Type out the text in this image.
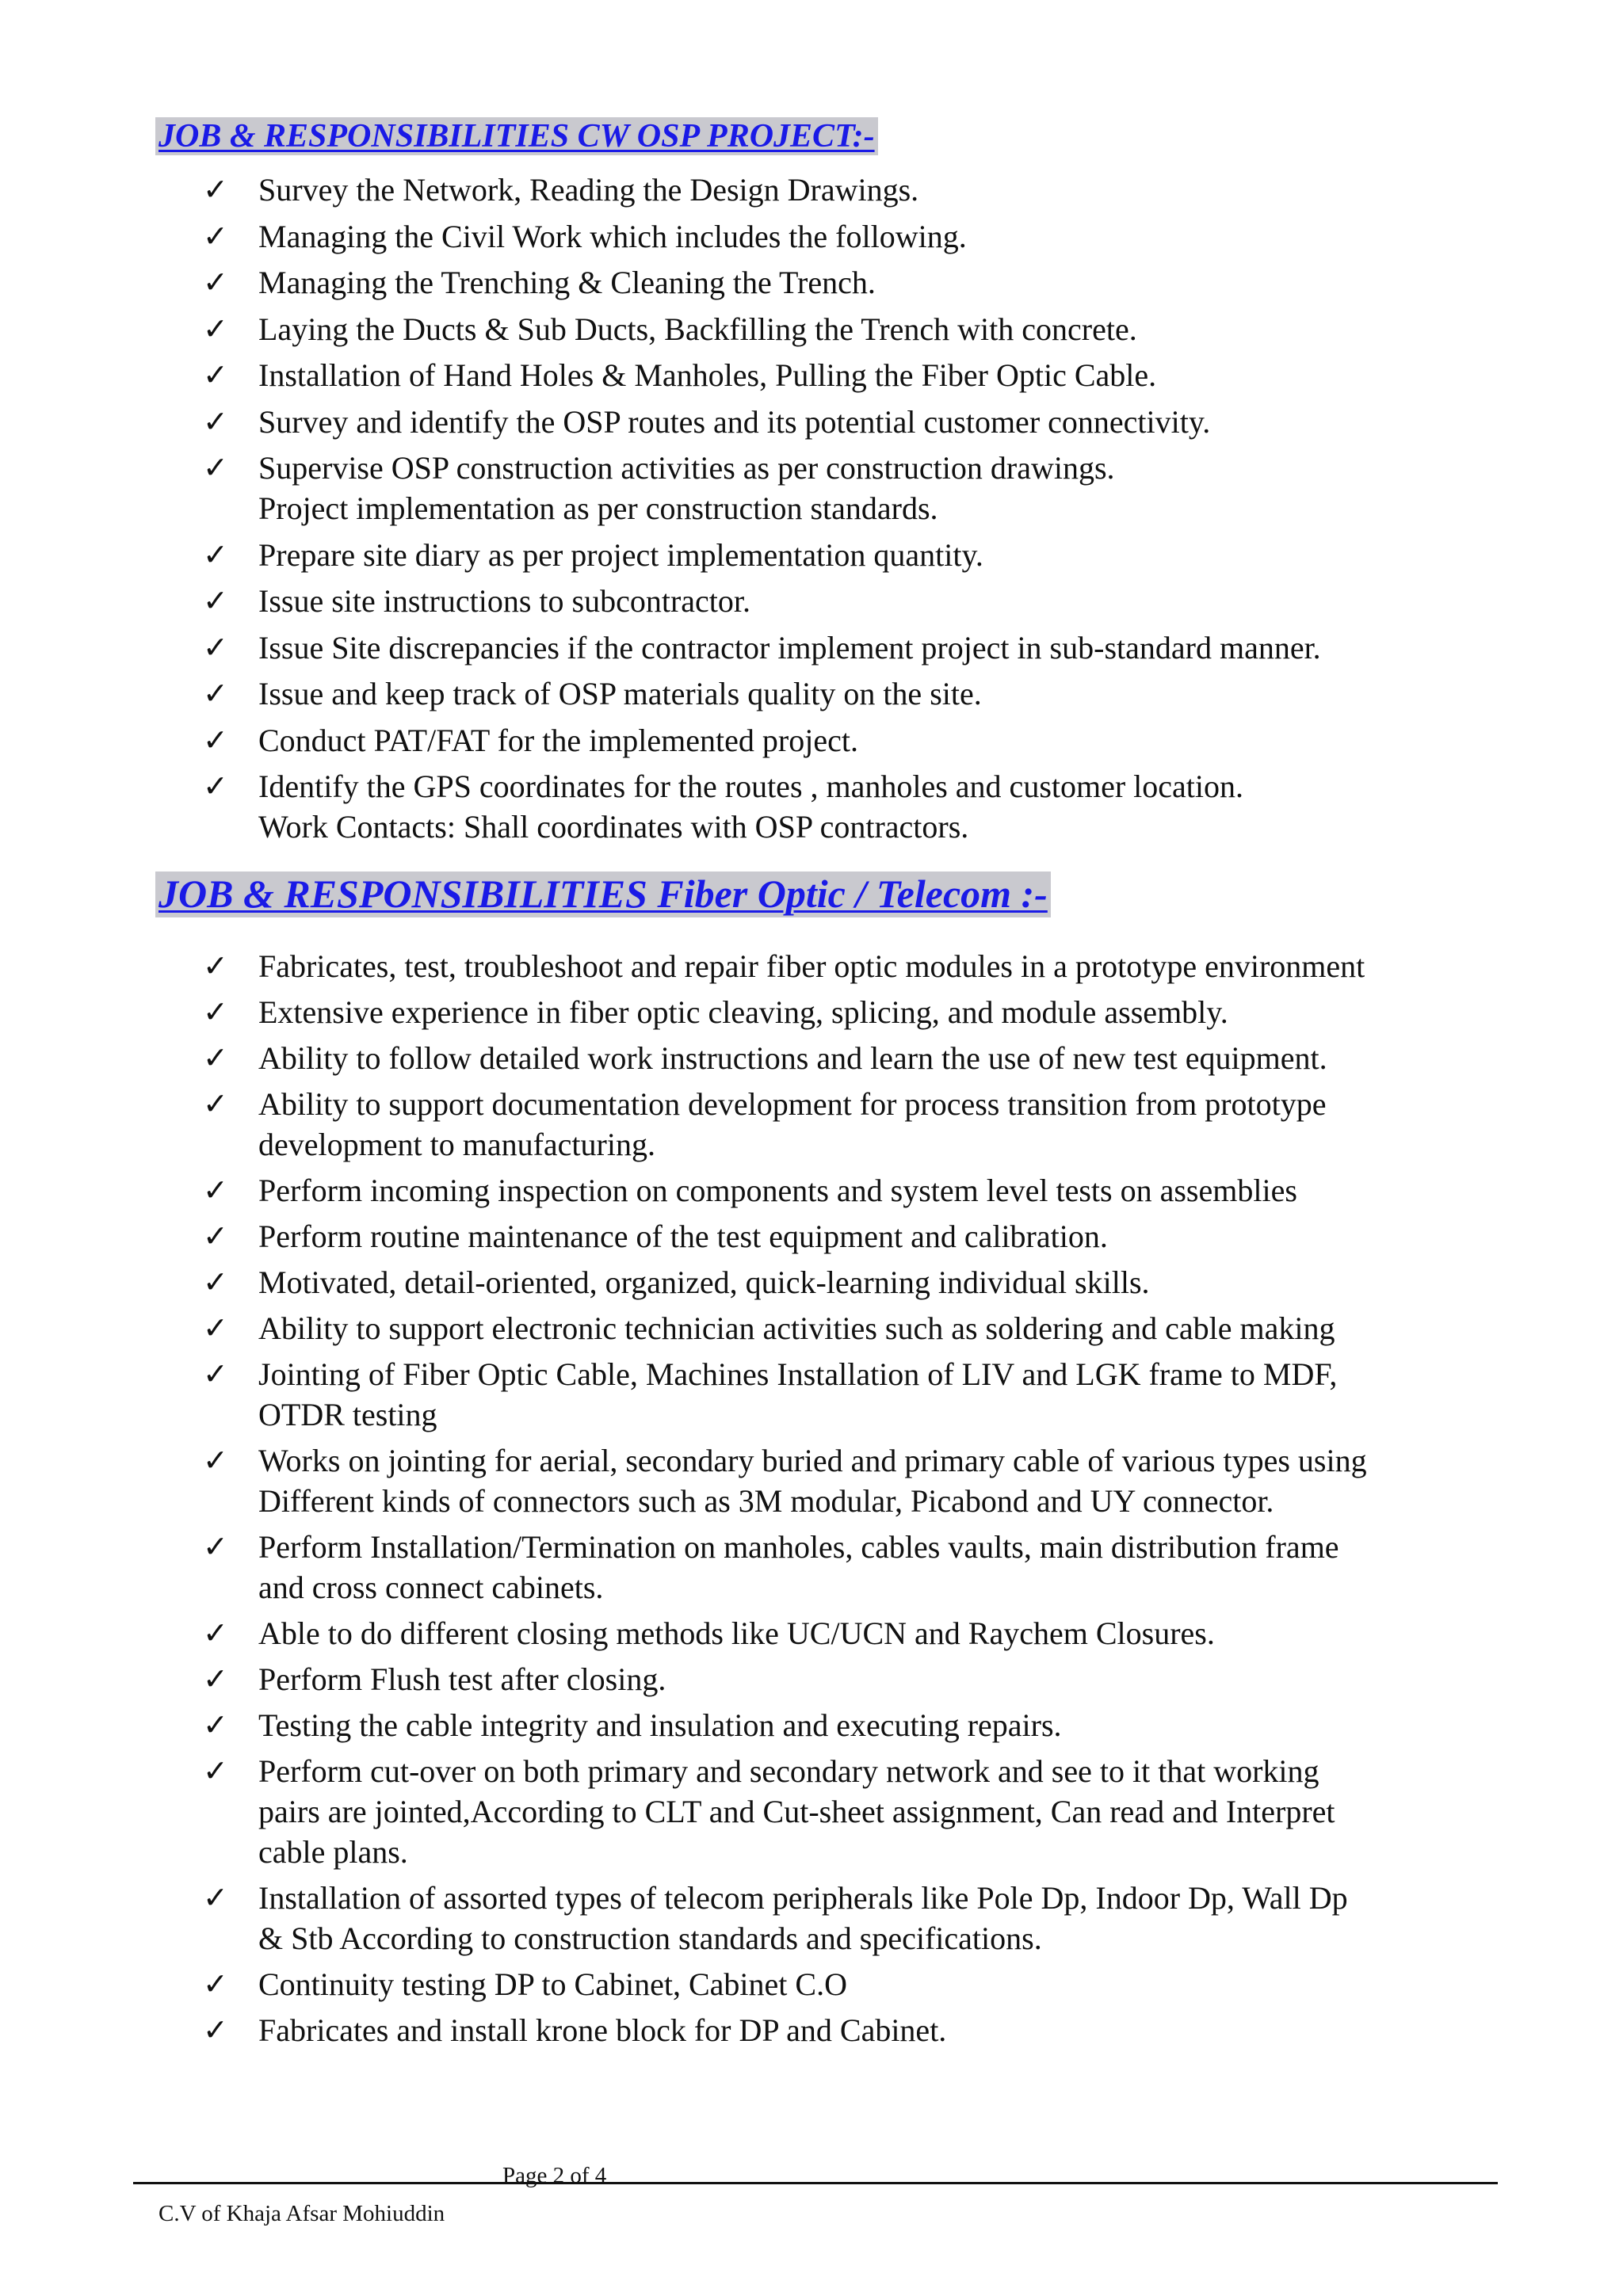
JOB & RESPONSIBILITIES CW OSP PROJECT:-
✓ Survey the Network, Reading the Design Drawings.
✓ Managing the Civil Work which includes the following.
✓ Managing the Trenching & Cleaning the Trench.
✓ Laying the Ducts & Sub Ducts, Backfilling the Trench with concrete.
✓ Installation of Hand Holes & Manholes, Pulling the Fiber Optic Cable.
✓ Survey and identify the OSP routes and its potential customer connectivity.
✓ Supervise OSP construction activities as per construction drawings.
Project implementation as per construction standards.
✓ Prepare site diary as per project implementation quantity.
✓ Issue site instructions to subcontractor.
✓ Issue Site discrepancies if the contractor implement project in sub-standard manner.
✓ Issue and keep track of OSP materials quality on the site.
✓ Conduct PAT/FAT for the implemented project.
✓ Identify the GPS coordinates for the routes , manholes and customer location.
Work Contacts: Shall coordinates with OSP contractors.
JOB & RESPONSIBILITIES Fiber Optic / Telecom :-
✓ Fabricates, test, troubleshoot and repair fiber optic modules in a prototype environment
✓ Extensive experience in fiber optic cleaving, splicing, and module assembly.
✓ Ability to follow detailed work instructions and learn the use of new test equipment.
✓ Ability to support documentation development for process transition from prototype
development to manufacturing.
✓ Perform incoming inspection on components and system level tests on assemblies
✓ Perform routine maintenance of the test equipment and calibration.
✓ Motivated, detail-oriented, organized, quick-learning individual skills.
✓ Ability to support electronic technician activities such as soldering and cable making
✓ Jointing of Fiber Optic Cable, Machines Installation of LIV and LGK frame to MDF,
OTDR testing
✓ Works on jointing for aerial, secondary buried and primary cable of various types using
Different kinds of connectors such as 3M modular, Picabond and UY connector.
✓ Perform Installation/Termination on manholes, cables vaults, main distribution frame
and cross connect cabinets.
✓ Able to do different closing methods like UC/UCN and Raychem Closures.
✓ Perform Flush test after closing.
✓ Testing the cable integrity and insulation and executing repairs.
✓ Perform cut-over on both primary and secondary network and see to it that working
pairs are jointed,According to CLT and Cut-sheet assignment, Can read and Interpret
cable plans.
✓ Installation of assorted types of telecom peripherals like Pole Dp, Indoor Dp, Wall Dp
& Stb According to construction standards and specifications.
✓ Continuity testing DP to Cabinet, Cabinet C.O
✓ Fabricates and install krone block for DP and Cabinet.
Page 2 of 4
C.V of Khaja Afsar Mohiuddin
